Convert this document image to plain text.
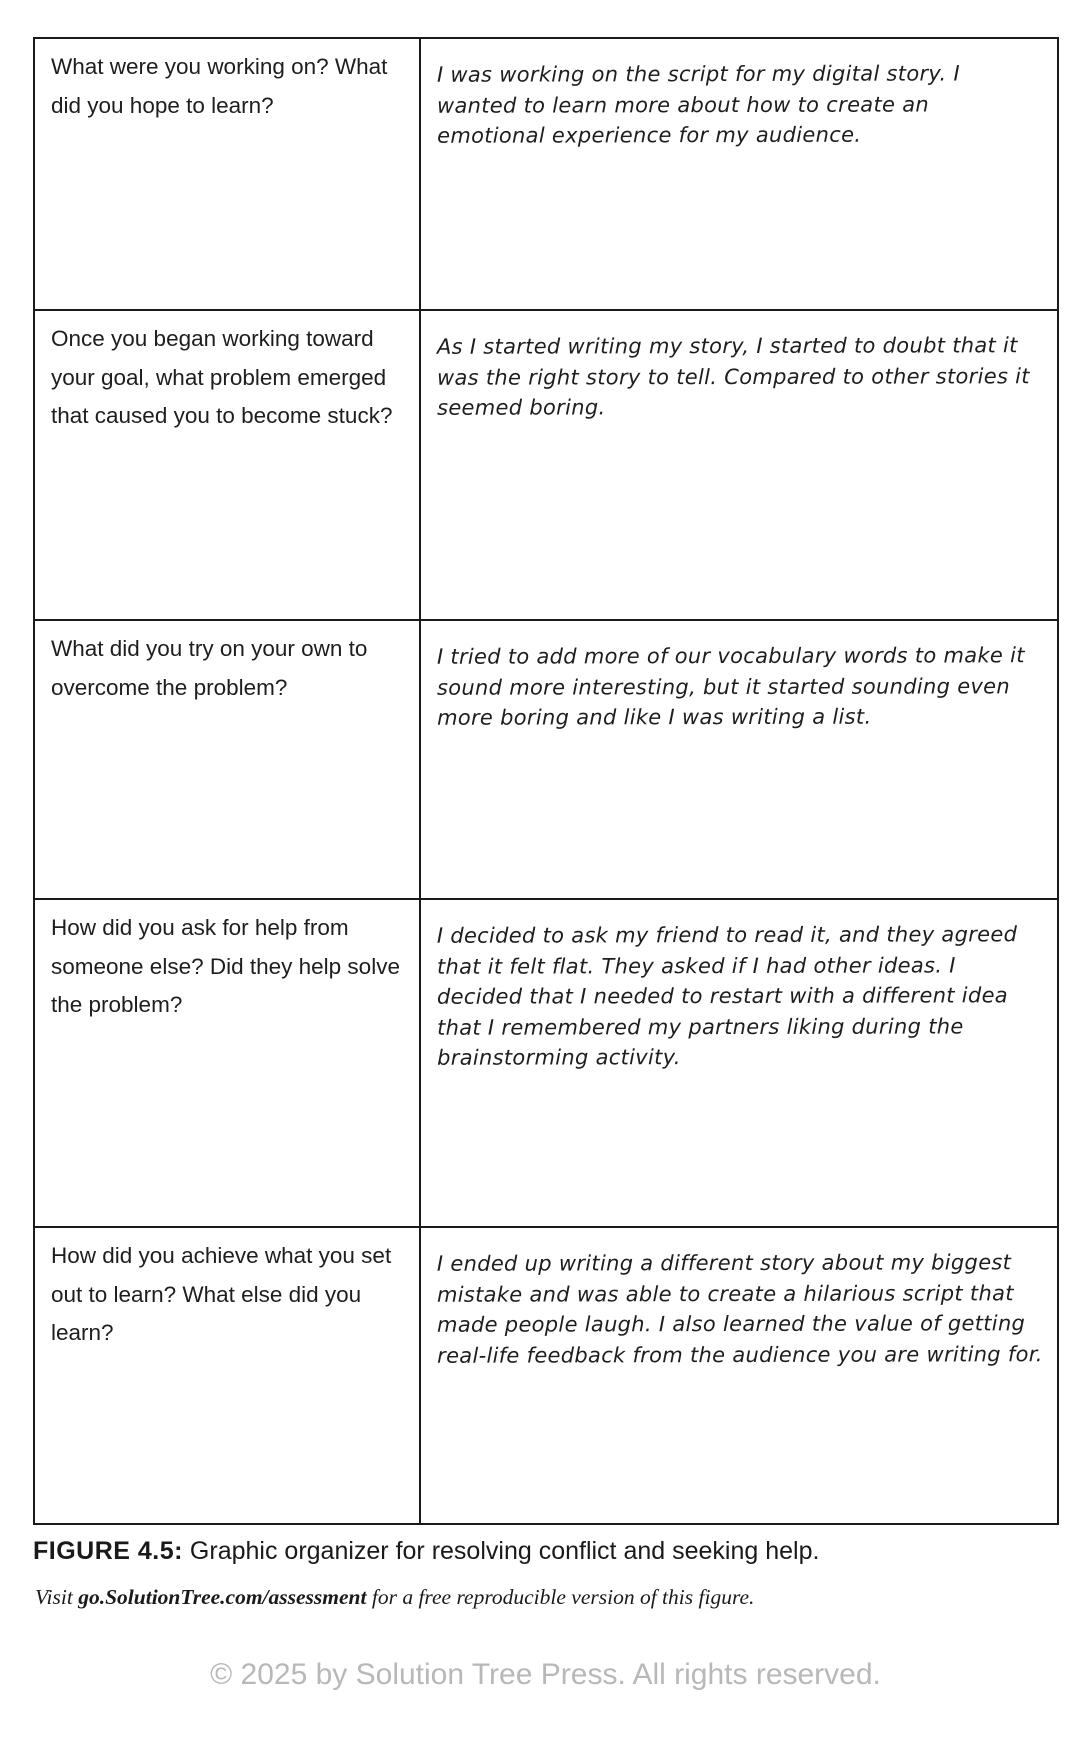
What were you working on? What did you hope to learn?	I was working on the script for my digital story. I wanted to learn more about how to create an emotional experience for my audience.

Once you began working toward your goal, what problem emerged that caused you to become stuck?	As I started writing my story, I started to doubt that it was the right story to tell. Compared to other stories it seemed boring.

What did you try on your own to overcome the problem?	I tried to add more of our vocabulary words to make it sound more interesting, but it started sounding even more boring and like I was writing a list.

How did you ask for help from someone else? Did they help solve the problem?	I decided to ask my friend to read it, and they agreed that it felt flat. They asked if I had other ideas. I decided that I needed to restart with a different idea that I remembered my partners liking during the brainstorming activity.

How did you achieve what you set out to learn? What else did you learn?	I ended up writing a different story about my biggest mistake and was able to create a hilarious script that made people laugh. I also learned the value of getting real-life feedback from the audience you are writing for.
FIGURE 4.5: Graphic organizer for resolving conflict and seeking help.
Visit go.SolutionTree.com/assessment for a free reproducible version of this figure.
© 2025 by Solution Tree Press. All rights reserved.
